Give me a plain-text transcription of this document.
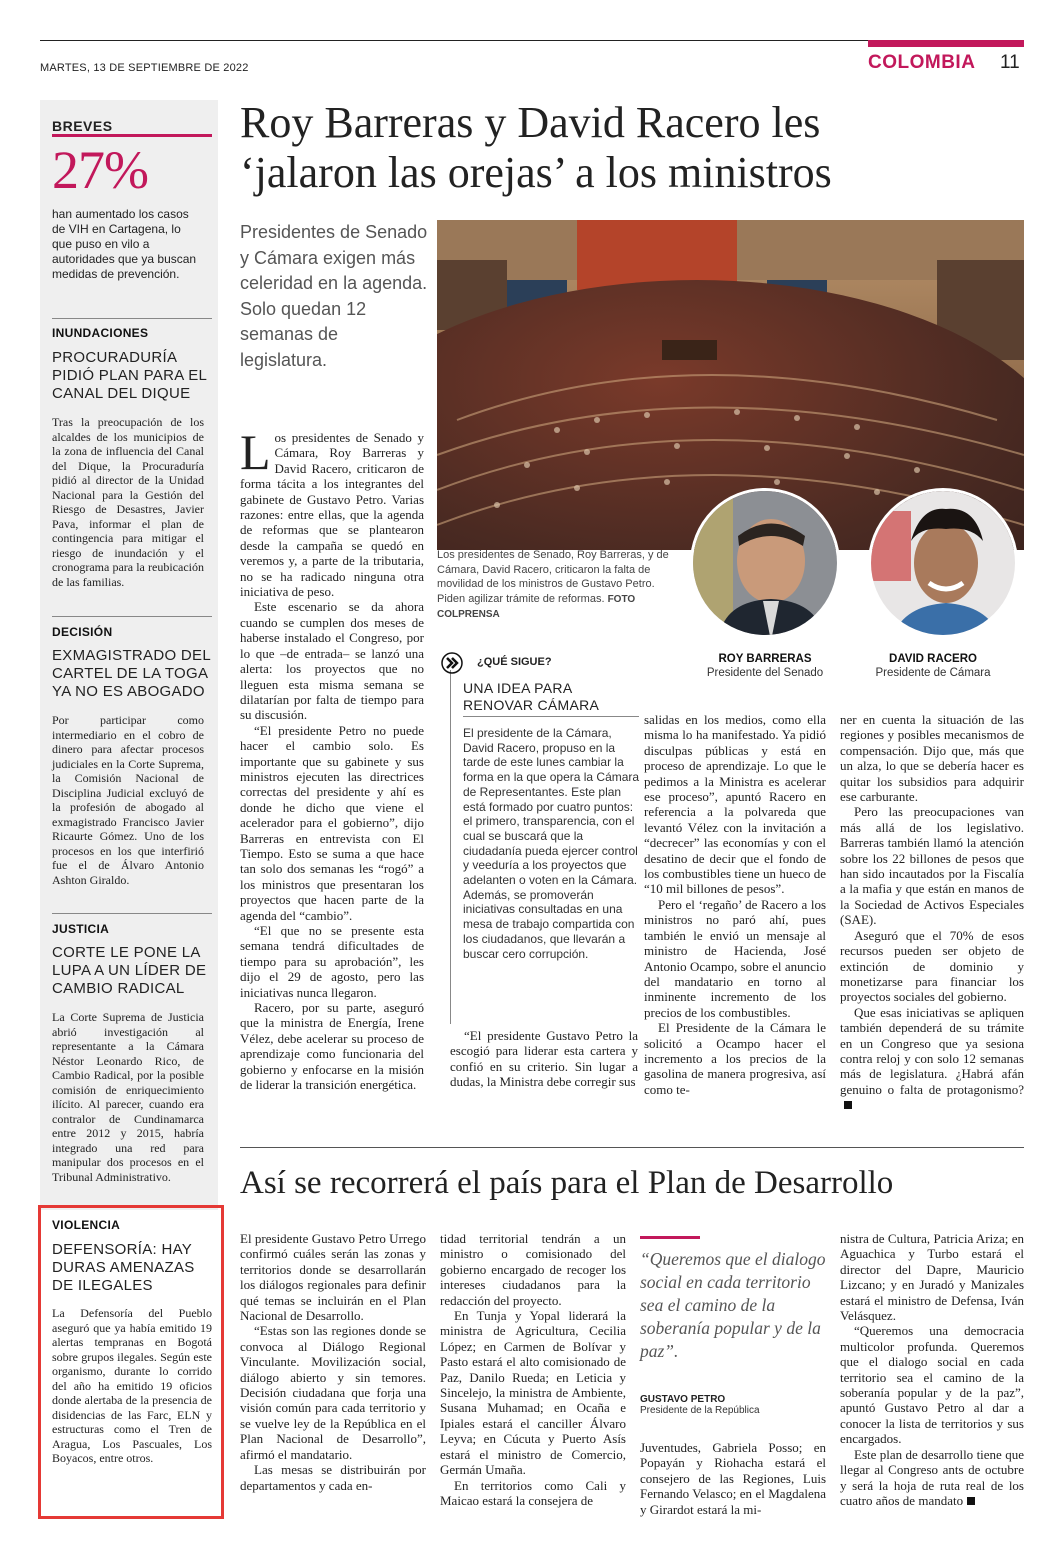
MARTES, 13 DE SEPTIEMBRE DE 2022	COLOMBIA 11
BREVES
27%
han aumentado los casos de VIH en Cartagena, lo que puso en vilo a autoridades que ya buscan medidas de prevención.
INUNDACIONES
PROCURADURÍA PIDIÓ PLAN PARA EL CANAL DEL DIQUE
Tras la preocupación de los alcaldes de los municipios de la zona de influencia del Canal del Dique, la Procuraduría pidió al director de la Unidad Nacional para la Gestión del Riesgo de Desastres, Javier Pava, informar el plan de contingencia para mitigar el riesgo de inundación y el cronograma para la reubicación de las familias.
DECISIÓN
EXMAGISTRADO DEL CARTEL DE LA TOGA YA NO ES ABOGADO
Por participar como intermediario en el cobro de dinero para afectar procesos judiciales en la Corte Suprema, la Comisión Nacional de Disciplina Judicial excluyó de la profesión de abogado al exmagistrado Francisco Javier Ricaurte Gómez. Uno de los procesos en los que interfirió fue el de Álvaro Antonio Ashton Giraldo.
JUSTICIA
CORTE LE PONE LA LUPA A UN LÍDER DE CAMBIO RADICAL
La Corte Suprema de Justicia abrió investigación al representante a la Cámara Néstor Leonardo Rico, de Cambio Radical, por la posible comisión de enriquecimiento ilícito. Al parecer, cuando era contralor de Cundinamarca entre 2012 y 2015, habría integrado una red para manipular dos procesos en el Tribunal Administrativo.
VIOLENCIA
DEFENSORÍA: HAY DURAS AMENAZAS DE ILEGALES
La Defensoría del Pueblo aseguró que ya había emitido 19 alertas tempranas en Bogotá sobre grupos ilegales. Según este organismo, durante lo corrido del año ha emitido 19 oficios donde alertaba de la presencia de disidencias de las Farc, ELN y estructuras como el Tren de Aragua, Los Pascuales, Los Boyacos, entre otros.
Roy Barreras y David Racero les
‘jalaron las orejas’ a los ministros
Presidentes de Senado y Cámara exigen más celeridad en la agenda. Solo quedan 12 semanas de legislatura.
Los presidentes de Senado, Roy Barreras, y de Cámara, David Racero, criticaron la falta de movilidad de los ministros de Gustavo Petro. Piden agilizar trámite de reformas. FOTO COLPRENSA
ROY BARRERAS
Presidente del Senado
DAVID RACERO
Presidente de Cámara

Los presidentes de Senado y Cámara, Roy Barreras y David Racero, criticaron de forma tácita a los integrantes del gabinete de Gustavo Petro. Varias razones: entre ellas, que la agenda de reformas que se plantearon desde la campaña se quedó en veremos y, a parte de la tributaria, no se ha radicado ninguna otra iniciativa de peso.

Este escenario se da ahora cuando se cumplen dos meses de haberse instalado el Congreso, por lo que –de entrada– se lanzó una alerta: los proyectos que no lleguen esta misma semana se dilatarían por falta de tiempo para su discusión.

“El presidente Petro no puede hacer el cambio solo. Es importante que su gabinete y sus ministros ejecuten las directrices correctas del presidente y ahí es donde he dicho que viene el acelerador para el gobierno”, dijo Barreras en entrevista con El Tiempo. Esto se suma a que hace tan solo dos semanas les “rogó” a los ministros que presentaran los proyectos que hacen parte de la agenda del “cambio”.

“El que no se presente esta semana tendrá dificultades de tiempo para su aprobación”, les dijo el 29 de agosto, pero las iniciativas nunca llegaron.

Racero, por su parte, aseguró que la ministra de Energía, Irene Vélez, debe acelerar su proceso de aprendizaje como funcionaria del gobierno y enfocarse en la misión de liderar la transición energética.

¿QUÉ SIGUE?
UNA IDEA PARA RENOVAR CÁMARA
El presidente de la Cámara, David Racero, propuso en la tarde de este lunes cambiar la forma en la que opera la Cámara de Representantes. Este plan está formado por cuatro puntos: el primero, transparencia, con el cual se buscará que la ciudadanía pueda ejercer control y veeduría a los proyectos que adelanten o voten en la Cámara. Además, se promoverán iniciativas consultadas en una mesa de trabajo compartida con los ciudadanos, que llevarán a buscar cero corrupción.

“El presidente Gustavo Petro la escogió para liderar esta cartera y confió en su criterio. Sin lugar a dudas, la Ministra debe corregir sus

salidas en los medios, como ella misma lo ha manifestado. Ya pidió disculpas públicas y está en proceso de aprendizaje. Lo que le pedimos a la Ministra es acelerar ese proceso”, apuntó Racero en referencia a la polvareda que levantó Vélez con la invitación a “decrecer” las economías y con el desatino de decir que el fondo de los combustibles tiene un hueco de “10 mil billones de pesos”.

Pero el ‘regaño’ de Racero a los ministros no paró ahí, pues también le envió un mensaje al ministro de Hacienda, José Antonio Ocampo, sobre el anuncio del mandatario en torno al inminente incremento de los precios de los combustibles.

El Presidente de la Cámara le solicitó a Ocampo hacer el incremento a los precios de la gasolina de manera progresiva, así como te-

ner en cuenta la situación de las regiones y posibles mecanismos de compensación. Dijo que, más que un alza, lo que se debería hacer es quitar los subsidios para adquirir ese carburante.

Pero las preocupaciones van más allá de los legislativo. Barreras también llamó la atención sobre los 22 billones de pesos que han sido incautados por la Fiscalía a la mafia y que están en manos de la Sociedad de Activos Especiales (SAE).

Aseguró que el 70% de esos recursos pueden ser objeto de extinción de dominio y monetizarse para financiar los proyectos sociales del gobierno.

Que esas iniciativas se apliquen también dependerá de su trámite en un Congreso que ya sesiona contra reloj y con solo 12 semanas más de legislatura. ¿Habrá afán genuino o falta de protagonismo?

Así se recorrerá el país para el Plan de Desarrollo

El presidente Gustavo Petro Urrego confirmó cuáles serán las zonas y territorios donde se desarrollarán los diálogos regionales para definir qué temas se incluirán en el Plan Nacional de Desarrollo.

“Estas son las regiones donde se convoca al Diálogo Regional Vinculante. Movilización social, diálogo abierto y sin temores. Decisión ciudadana que forja una visión común para cada territorio y se vuelve ley de la República en el Plan Nacional de Desarrollo”, afirmó el mandatario.

Las mesas se distribuirán por departamentos y cada en-

tidad territorial tendrán a un ministro o comisionado del gobierno encargado de recoger los intereses ciudadanos para la redacción del proyecto.

En Tunja y Yopal liderará la ministra de Agricultura, Cecilia López; en Carmen de Bolívar y Pasto estará el alto comisionado de Paz, Danilo Rueda; en Leticia y Sincelejo, la ministra de Ambiente, Susana Muhamad; en Ocaña e Ipiales estará el canciller Álvaro Leyva; en Cúcuta y Puerto Asís estará el ministro de Comercio, Germán Umaña.

En territorios como Cali y Maicao estará la consejera de

“Queremos que el dialogo social en cada territorio sea el camino de la soberanía popular y de la paz”.
GUSTAVO PETRO
Presidente de la República

Juventudes, Gabriela Posso; en Popayán y Riohacha estará el consejero de las Regiones, Luis Fernando Velasco; en el Magdalena y Girardot estará la mi-

nistra de Cultura, Patricia Ariza; en Aguachica y Turbo estará el director del Dapre, Mauricio Lizcano; y en Juradó y Manizales estará el ministro de Defensa, Iván Velásquez.

“Queremos una democracia multicolor profunda. Queremos que el dialogo social en cada territorio sea el camino de la soberanía popular y de la paz”, apuntó Gustavo Petro al dar a conocer la lista de territorios y sus encargados.

Este plan de desarrollo tiene que llegar al Congreso ants de octubre y será la hoja de ruta real de los cuatro años de mandato
